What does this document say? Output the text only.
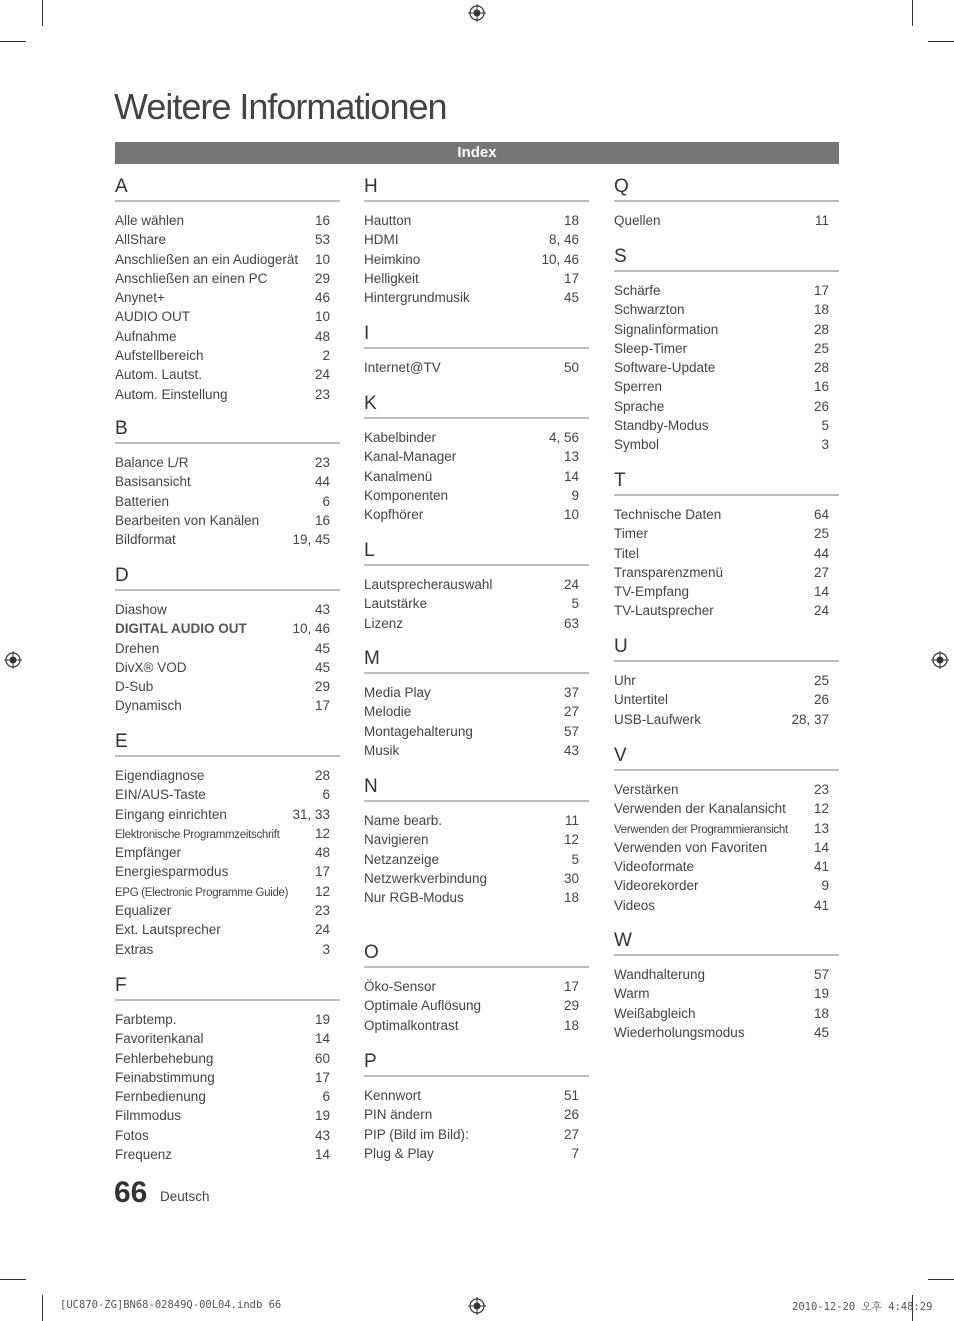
Weitere Informationen
Index
A
Alle wählen	16
AllShare	53
Anschließen an ein Audiogerät 10
Anschließen an einen PC	29
Anynet+	46
AUDIO OUT	10
Aufnahme	48
Aufstellbereich	2
Autom. Lautst.	24
Autom. Einstellung	23
B
Balance L/R	23
Basisansicht	44
Batterien	6
Bearbeiten von Kanälen	16
Bildformat	19, 45
D
Diashow	43
DIGITAL AUDIO OUT	10, 46
Drehen	45
DivX® VOD	45
D-Sub	29
Dynamisch	17
E
Eigendiagnose	28
EIN/AUS-Taste	6
Eingang einrichten	31, 33
Elektronische Programmzeitschrift	12
Empfänger	48
Energiesparmodus	17
EPG (Electronic Programme Guide) 12
Equalizer	23
Ext. Lautsprecher	24
Extras	3
F
Farbtemp.	19
Favoritenkanal	14
Fehlerbehebung	60
Feinabstimmung	17
Fernbedienung	6
Filmmodus	19
Fotos	43
Frequenz	14
H
Hautton	18
HDMI	8, 46
Heimkino	10, 46
Helligkeit	17
Hintergrundmusik	45
I
Internet@TV	50
K
Kabelbinder	4, 56
Kanal-Manager	13
Kanalmenü	14
Komponenten	9
Kopfhörer	10
L
Lautsprecherauswahl	24
Lautstärke	5
Lizenz	63
M
Media Play	37
Melodie	27
Montagehalterung	57
Musik	43
N
Name bearb.	11
Navigieren	12
Netzanzeige	5
Netzwerkverbindung	30
Nur RGB-Modus	18
O
Öko-Sensor	17
Optimale Auflösung	29
Optimalkontrast	18
P
Kennwort	51
PIN ändern	26
PIP (Bild im Bild):	27
Plug & Play	7
Q
Quellen	11
S
Schärfe	17
Schwarzton	18
Signalinformation	28
Sleep-Timer	25
Software-Update	28
Sperren	16
Sprache	26
Standby-Modus	5
Symbol	3
T
Technische Daten	64
Timer	25
Titel	44
Transparenzmenü	27
TV-Empfang	14
TV-Lautsprecher	24
U
Uhr	25
Untertitel	26
USB-Laufwerk	28, 37
V
Verstärken	23
Verwenden der Kanalansicht 12
Verwenden der Programmieransicht 13
Verwenden von Favoriten	14
Videoformate	41
Videorekorder	9
Videos	41
W
Wandhalterung	57
Warm	19
Weißabgleich	18
Wiederholungsmodus	45
66 Deutsch
[UC870-ZG]BN68-02849Q-00L04.indb 66	2010-12-20 오후 4:48:29
